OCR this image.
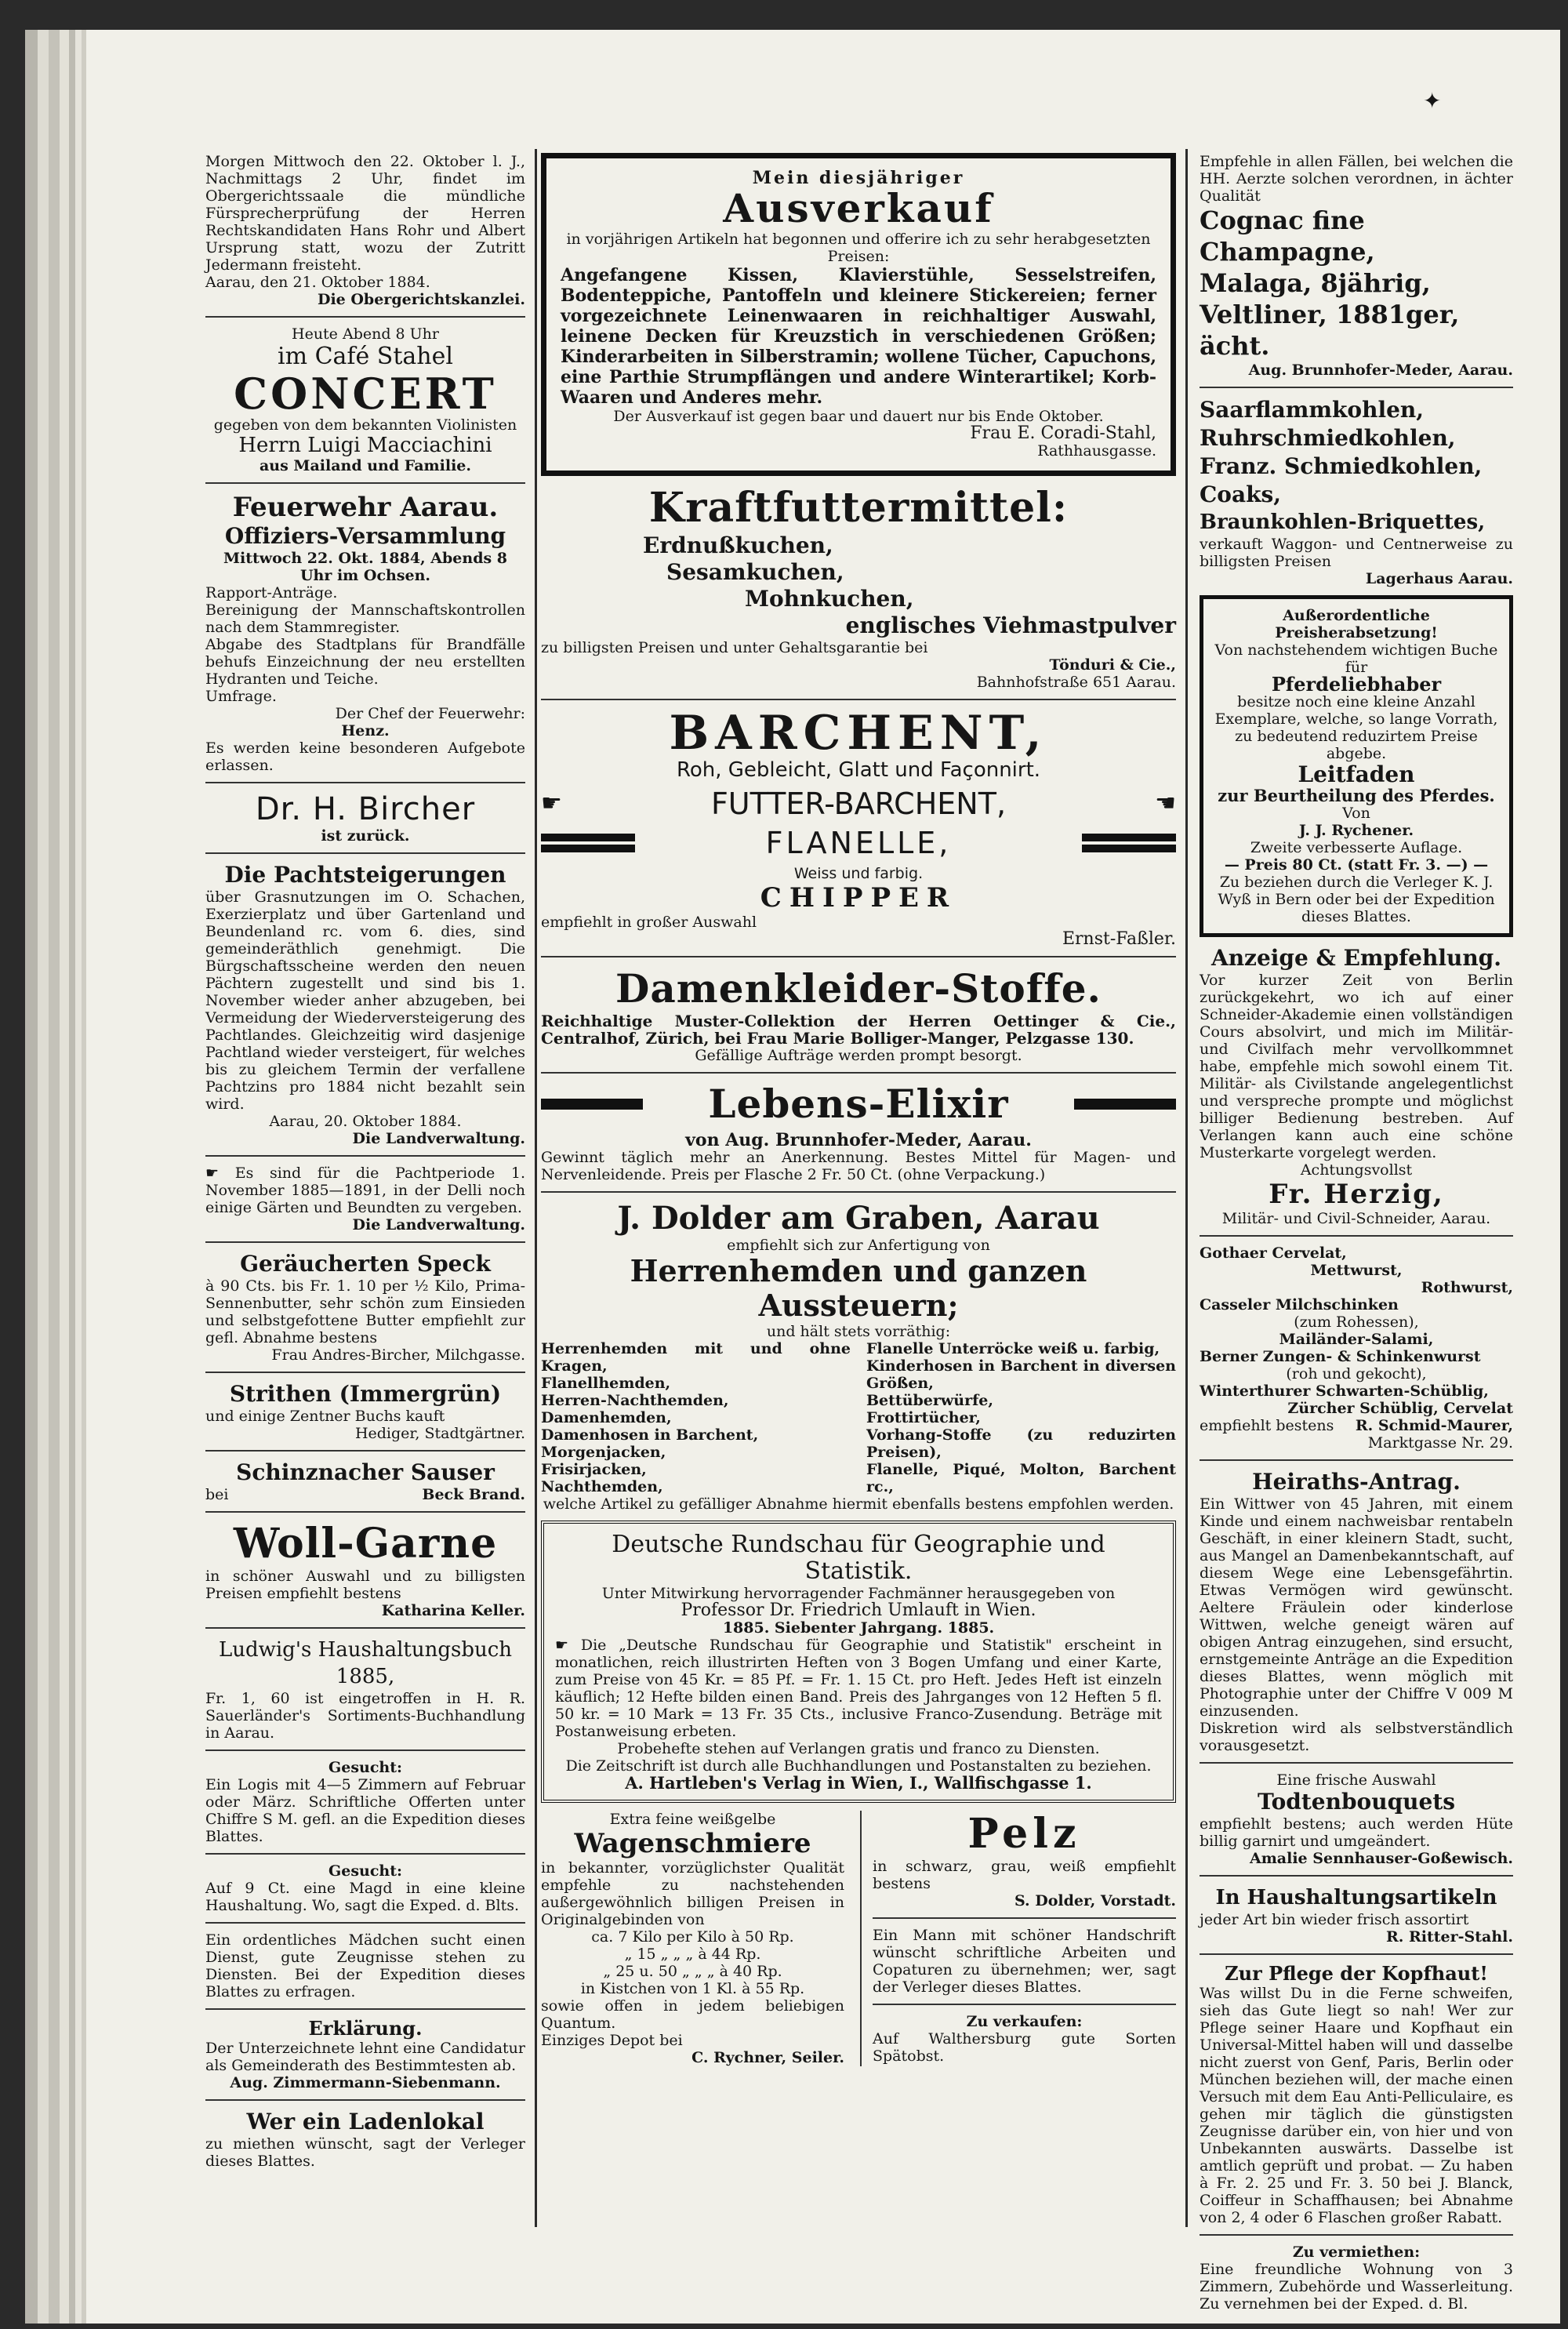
✦

Morgen Mittwoch den 22. Oktober l. J., Nachmittags 2 Uhr, findet im Obergerichtssaale die mündliche Fürsprecherprüfung der Herren Rechtskandidaten Hans Rohr und Albert Ursprung statt, wozu der Zutritt Jedermann freisteht.

Aarau, den 21. Oktober 1884.

Die Obergerichtskanzlei.

Heute Abend 8 Uhr

im Café Stahel

CONCERT

gegeben von dem bekannten Violinisten

Herrn Luigi Macciachini

aus Mailand und Familie.

Feuerwehr Aarau.

Offiziers-Versammlung

Mittwoch 22. Okt. 1884, Abends 8 Uhr im Ochsen.

Rapport-Anträge.

Bereinigung der Mannschaftskontrollen nach dem Stammregister.

Abgabe des Stadtplans für Brandfälle behufs Einzeichnung der neu erstellten Hydranten und Teiche.

Umfrage.

Der Chef der Feuerwehr:

Henz.

Es werden keine besonderen Aufgebote erlassen.

Dr. H. Bircher

ist zurück.

Die Pachtsteigerungen

über Grasnutzungen im O. Schachen, Exerzierplatz und über Gartenland und Beundenland rc. vom 6. dies, sind gemeinderäthlich genehmigt. Die Bürgschaftsscheine werden den neuen Pächtern zugestellt und sind bis 1. November wieder anher abzugeben, bei Vermeidung der Wiederversteigerung des Pachtlandes. Gleichzeitig wird dasjenige Pachtland wieder versteigert, für welches bis zu gleichem Termin der verfallene Pachtzins pro 1884 nicht bezahlt sein wird.

Aarau, 20. Oktober 1884.

Die Landverwaltung.

☛ Es sind für die Pachtperiode 1. November 1885—1891, in der Delli noch einige Gärten und Beundten zu vergeben.

Die Landverwaltung.

Geräucherten Speck

à 90 Cts. bis Fr. 1. 10 per ½ Kilo, Prima-Sennenbutter, sehr schön zum Einsieden und selbstgefottene Butter empfiehlt zur gefl. Abnahme bestens

Frau Andres-Bircher, Milchgasse.

Strithen (Immergrün)

und einige Zentner Buchs kauft

Hediger, Stadtgärtner.

Schinznacher Sauser

bei	Beck Brand.

Woll-Garne

in schöner Auswahl und zu billigsten Preisen empfiehlt bestens

Katharina Keller.

Ludwig's Haushaltungsbuch 1885,

Fr. 1, 60 ist eingetroffen in H. R. Sauerländer's Sortiments-Buchhandlung in Aarau.

Gesucht:

Ein Logis mit 4—5 Zimmern auf Februar oder März. Schriftliche Offerten unter Chiffre S M. gefl. an die Expedition dieses Blattes.

Gesucht:

Auf 9 Ct. eine Magd in eine kleine Haushaltung. Wo, sagt die Exped. d. Blts.

Ein ordentliches Mädchen sucht einen Dienst, gute Zeugnisse stehen zu Diensten. Bei der Expedition dieses Blattes zu erfragen.

Erklärung.

Der Unterzeichnete lehnt eine Candidatur als Gemeinderath des Bestimmtesten ab.

Aug. Zimmermann-Siebenmann.

Wer ein Ladenlokal

zu miethen wünscht, sagt der Verleger dieses Blattes.

Mein diesjähriger

Ausverkauf

in vorjährigen Artikeln hat begonnen und offerire ich zu sehr herabgesetzten Preisen:

Angefangene Kissen, Klavierstühle, Sesselstreifen, Bodenteppiche, Pantoffeln und kleinere Stickereien; ferner vorgezeichnete Leinenwaaren in reichhaltiger Auswahl, leinene Decken für Kreuzstich in verschiedenen Größen; Kinderarbeiten in Silberstramin; wollene Tücher, Capuchons, eine Parthie Strumpflängen und andere Winterartikel; Korb-Waaren und Anderes mehr.

Der Ausverkauf ist gegen baar und dauert nur bis Ende Oktober.

Frau E. Coradi-Stahl,

Rathhausgasse.

Kraftfuttermittel:

Erdnußkuchen,

Sesamkuchen,

Mohnkuchen,

englisches Viehmastpulver

zu billigsten Preisen und unter Gehaltsgarantie bei

Tönduri & Cie.,

Bahnhofstraße 651 Aarau.

BARCHENT,

Roh, Gebleicht, Glatt und Façonnirt.

☛	FUTTER-BARCHENT,	☚
FLANELLE,

Weiss und farbig.

CHIPPER

empfiehlt in großer Auswahl

Ernst-Faßler.

Damenkleider-Stoffe.

Reichhaltige Muster-Collektion der Herren Oettinger & Cie., Centralhof, Zürich, bei Frau Marie Bolliger-Manger, Pelzgasse 130.

Gefällige Aufträge werden prompt besorgt.

Lebens-Elixir

von Aug. Brunnhofer-Meder, Aarau.

Gewinnt täglich mehr an Anerkennung. Bestes Mittel für Magen- und Nervenleidende. Preis per Flasche 2 Fr. 50 Ct. (ohne Verpackung.)

J. Dolder am Graben, Aarau

empfiehlt sich zur Anfertigung von

Herrenhemden und ganzen Aussteuern;

und hält stets vorräthig:

Herrenhemden mit und ohne Kragen,

Flanellhemden,

Herren-Nachthemden,

Damenhemden,

Damenhosen in Barchent,

Morgenjacken,

Frisirjacken,

Nachthemden,

Flanelle Unterröcke weiß u. farbig,

Kinderhosen in Barchent in diversen Größen,

Bettüberwürfe,

Frottirtücher,

Vorhang-Stoffe (zu reduzirten Preisen),

Flanelle, Piqué, Molton, Barchent rc.,

welche Artikel zu gefälliger Abnahme hiermit ebenfalls bestens empfohlen werden.

Deutsche Rundschau für Geographie und Statistik.

Unter Mitwirkung hervorragender Fachmänner herausgegeben von

Professor Dr. Friedrich Umlauft in Wien.

1885. Siebenter Jahrgang. 1885.

☛ Die „Deutsche Rundschau für Geographie und Statistik" erscheint in monatlichen, reich illustrirten Heften von 3 Bogen Umfang und einer Karte, zum Preise von 45 Kr. = 85 Pf. = Fr. 1. 15 Ct. pro Heft. Jedes Heft ist einzeln käuflich; 12 Hefte bilden einen Band. Preis des Jahrganges von 12 Heften 5 fl. 50 kr. = 10 Mark = 13 Fr. 35 Cts., inclusive Franco-Zusendung. Beträge mit Postanweisung erbeten.

Probehefte stehen auf Verlangen gratis und franco zu Diensten.

Die Zeitschrift ist durch alle Buchhandlungen und Postanstalten zu beziehen.

A. Hartleben's Verlag in Wien, I., Wallfischgasse 1.

Extra feine weißgelbe

Wagenschmiere

in bekannter, vorzüglichster Qualität empfehle zu nachstehenden außergewöhnlich billigen Preisen in Originalgebinden von

ca. 7 Kilo per Kilo à 50 Rp.

„ 15 „ „ „ à 44 Rp.

„ 25 u. 50 „ „ „ à 40 Rp.

in Kistchen von 1 Kl. à 55 Rp.

sowie offen in jedem beliebigen Quantum.

Einziges Depot bei

C. Rychner, Seiler.

Pelz

in schwarz, grau, weiß empfiehlt bestens

S. Dolder, Vorstadt.

Ein Mann mit schöner Handschrift wünscht schriftliche Arbeiten und Copaturen zu übernehmen; wer, sagt der Verleger dieses Blattes.

Zu verkaufen:

Auf Walthersburg gute Sorten Spätobst.

Empfehle in allen Fällen, bei welchen die HH. Aerzte solchen verordnen, in ächter Qualität

Cognac fine Champagne,

Malaga, 8jährig,

Veltliner, 1881ger, ächt.

Aug. Brunnhofer-Meder, Aarau.

Saarflammkohlen,

Ruhrschmiedkohlen,

Franz. Schmiedkohlen,

Coaks,

Braunkohlen-Briquettes,

verkauft Waggon- und Centnerweise zu billigsten Preisen

Lagerhaus Aarau.

Außerordentliche Preisherabsetzung!

Von nachstehendem wichtigen Buche für

Pferdeliebhaber

besitze noch eine kleine Anzahl Exemplare, welche, so lange Vorrath, zu bedeutend reduzirtem Preise abgebe.

Leitfaden

zur Beurtheilung des Pferdes.

Von

J. J. Rychener.

Zweite verbesserte Auflage.

— Preis 80 Ct. (statt Fr. 3. —) —

Zu beziehen durch die Verleger K. J. Wyß in Bern oder bei der Expedition dieses Blattes.

Anzeige & Empfehlung.

Vor kurzer Zeit von Berlin zurückgekehrt, wo ich auf einer Schneider-Akademie einen vollständigen Cours absolvirt, und mich im Militär- und Civilfach mehr vervollkommnet habe, empfehle mich sowohl einem Tit. Militär- als Civilstande angelegentlichst und verspreche prompte und möglichst billiger Bedienung bestreben. Auf Verlangen kann auch eine schöne Musterkarte vorgelegt werden.

Achtungsvollst

Fr. Herzig,

Militär- und Civil-Schneider, Aarau.

Gothaer Cervelat,

Mettwurst,

Rothwurst,

Casseler Milchschinken

(zum Rohessen),

Mailänder-Salami,

Berner Zungen- & Schinkenwurst

(roh und gekocht),

Winterthurer Schwarten-Schüblig,

Zürcher Schüblig, Cervelat

empfiehlt bestens R. Schmid-Maurer,

Marktgasse Nr. 29.

Heiraths-Antrag.

Ein Wittwer von 45 Jahren, mit einem Kinde und einem nachweisbar rentabeln Geschäft, in einer kleinern Stadt, sucht, aus Mangel an Damenbekanntschaft, auf diesem Wege eine Lebensgefährtin. Etwas Vermögen wird gewünscht. Aeltere Fräulein oder kinderlose Wittwen, welche geneigt wären auf obigen Antrag einzugehen, sind ersucht, ernstgemeinte Anträge an die Expedition dieses Blattes, wenn möglich mit Photographie unter der Chiffre V 009 M einzusenden.

Diskretion wird als selbstverständlich vorausgesetzt.

Eine frische Auswahl

Todtenbouquets

empfiehlt bestens; auch werden Hüte billig garnirt und umgeändert.

Amalie Sennhauser-Goßewisch.

In Haushaltungsartikeln

jeder Art bin wieder frisch assortirt

R. Ritter-Stahl.

Zur Pflege der Kopfhaut!

Was willst Du in die Ferne schweifen, sieh das Gute liegt so nah! Wer zur Pflege seiner Haare und Kopfhaut ein Universal-Mittel haben will und dasselbe nicht zuerst von Genf, Paris, Berlin oder München beziehen will, der mache einen Versuch mit dem Eau Anti-Pelliculaire, es gehen mir täglich die günstigsten Zeugnisse darüber ein, von hier und von Unbekannten auswärts. Dasselbe ist amtlich geprüft und probat. — Zu haben à Fr. 2. 25 und Fr. 3. 50 bei J. Blanck, Coiffeur in Schaffhausen; bei Abnahme von 2, 4 oder 6 Flaschen großer Rabatt.

Zu vermiethen:

Eine freundliche Wohnung von 3 Zimmern, Zubehörde und Wasserleitung. Zu vernehmen bei der Exped. d. Bl.
